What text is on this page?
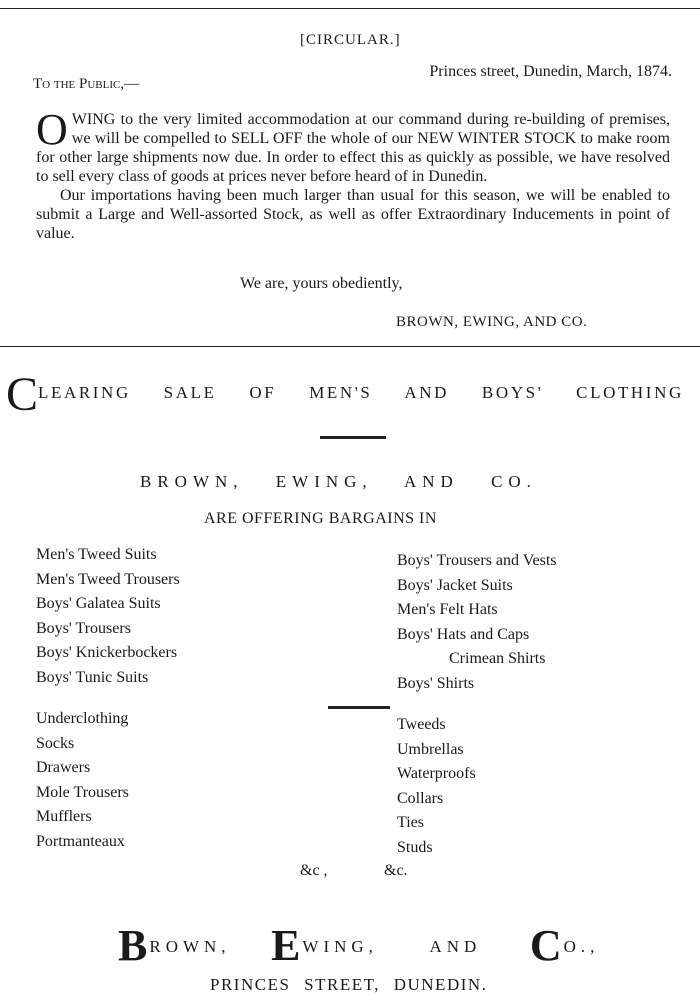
[CIRCULAR.]
Princes street, Dunedin, March, 1874.
To the Public,—
O WING to the very limited accommodation at our command during re-building of premises, we will be compelled to SELL OFF the whole of our NEW WINTER STOCK to make room for other large shipments now due. In order to effect this as quickly as possible, we have resolved to sell every class of goods at prices never before heard of in Dunedin.

Our importations having been much larger than usual for this season, we will be enabled to submit a Large and Well-assorted Stock, as well as offer Extraordinary Inducements in point of value.

We are, yours obediently,
BROWN, EWING, AND CO.
CLEARING SALE OF MEN'S AND BOYS' CLOTHING
BROWN, EWING, AND CO.
ARE OFFERING BARGAINS IN
Men's Tweed Suits
Men's Tweed Trousers
Boys' Galatea Suits
Boys' Trousers
Boys' Knickerbockers
Boys' Tunic Suits
Boys' Trousers and Vests
Boys' Jacket Suits
Men's Felt Hats
Boys' Hats and Caps
Crimean Shirts
Boys' Shirts
Underclothing
Socks
Drawers
Mole Trousers
Mufflers
Portmanteaux
Tweeds
Umbrellas
Waterproofs
Collars
Ties
Studs
&c ,	&c.
BROWN, EWING,	AND CO.,
PRINCES STREET, DUNEDIN.
